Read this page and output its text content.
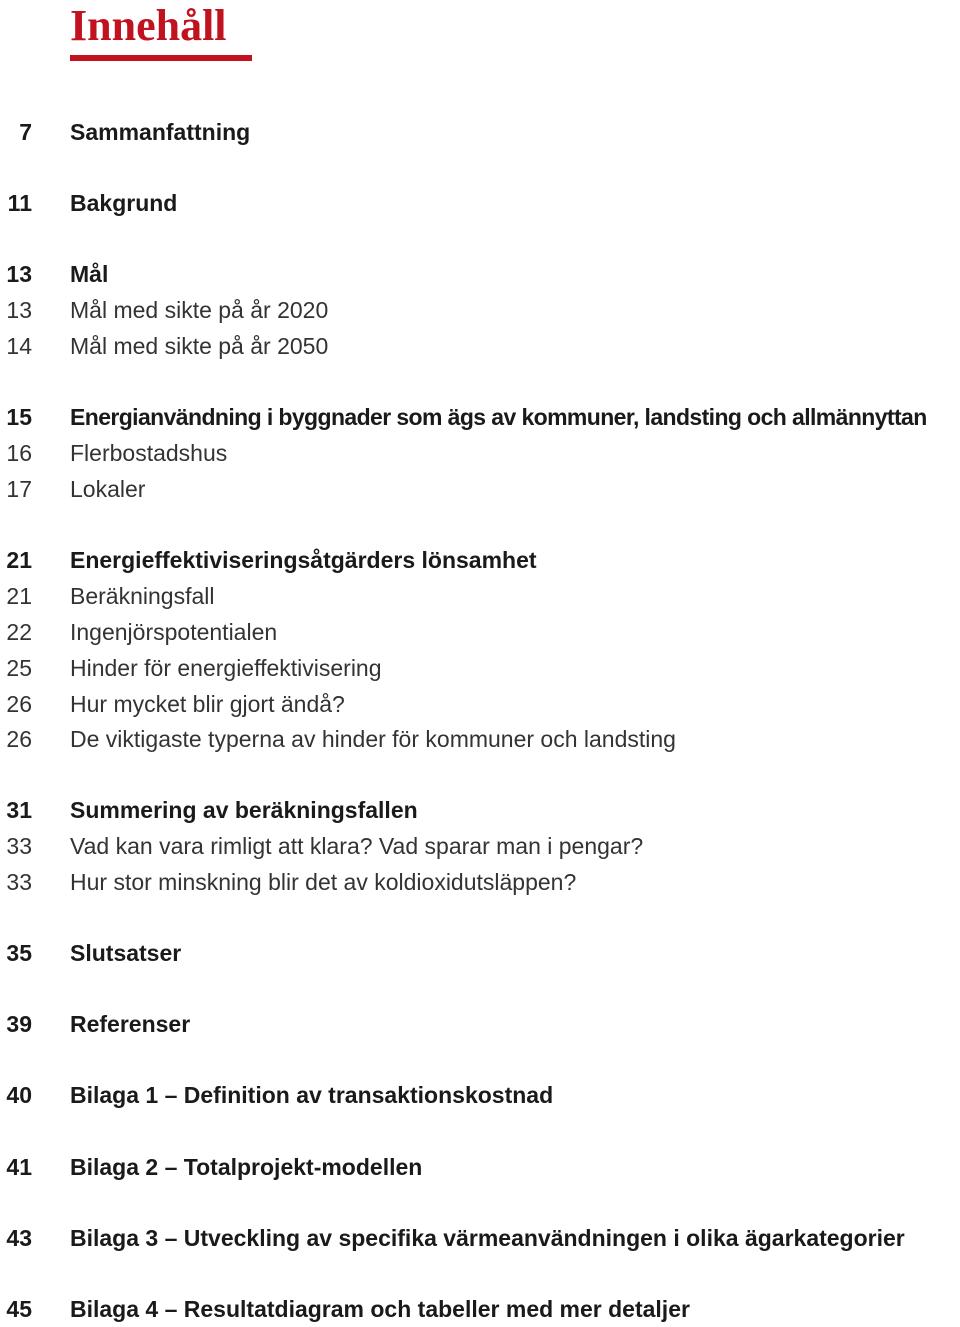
Innehåll
7 Sammanfattning
11 Bakgrund
13 Mål
13 Mål med sikte på år 2020
14 Mål med sikte på år 2050
15 Energianvändning i byggnader som ägs av kommuner, landsting och allmännyttan
16 Flerbostadshus
17 Lokaler
21 Energieffektiviseringsåtgärders lönsamhet
21 Beräkningsfall
22 Ingenjörspotentialen
25 Hinder för energieffektivisering
26 Hur mycket blir gjort ändå?
26 De viktigaste typerna av hinder för kommuner och landsting
31 Summering av beräkningsfallen
33 Vad kan vara rimligt att klara? Vad sparar man i pengar?
33 Hur stor minskning blir det av koldioxidutsläppen?
35 Slutsatser
39 Referenser
40 Bilaga 1 – Definition av transaktionskostnad
41 Bilaga 2 – Totalprojekt-modellen
43 Bilaga 3 – Utveckling av specifika värmeanvändningen i olika ägarkategorier
45 Bilaga 4 – Resultatdiagram och tabeller med mer detaljer
